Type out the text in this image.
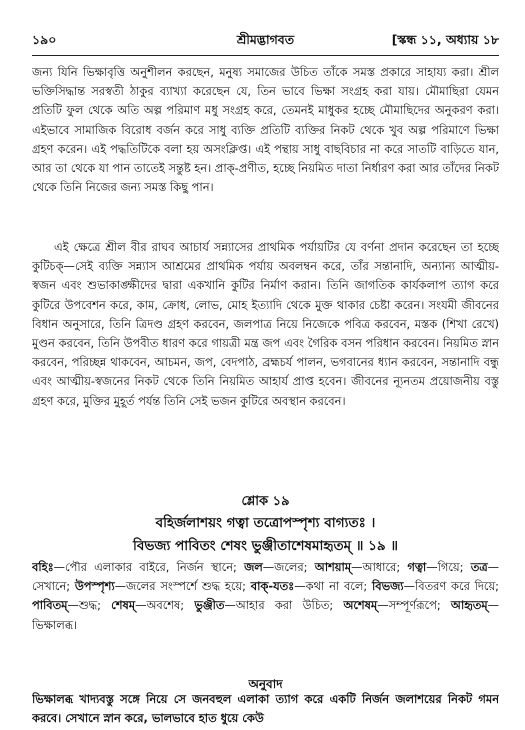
১৯০	শ্রীমদ্ভাগবত	[স্কন্ধ ১১, অধ্যায় ১৮

জন্য যিনি ভিক্ষাবৃত্তি অনুশীলন করছেন, মনুষ্য সমাজের উচিত তাঁকে সমস্ত প্রকারে সাহায্য করা। শ্রীল ভক্তিসিদ্ধান্ত সরস্বতী ঠাকুর ব্যাখ্যা করেছেন যে, তিন ভাবে ভিক্ষা সংগ্রহ করা যায়। মৌমাছিরা যেমন প্রতিটি ফুল থেকে অতি অল্প পরিমাণ মধু সংগ্রহ করে, তেমনই মাধুকর হচ্ছে মৌমাছিদের অনুকরণ করা। এইভাবে সামাজিক বিরোধ বর্জন করে সাধু ব্যক্তি প্রতিটি ব্যক্তির নিকট থেকে খুব অল্প পরিমাণে ভিক্ষা গ্রহণ করেন। এই পদ্ধতিটিকে বলা হয় অসংক্লিপ্ত। এই পন্থায় সাধু বাছবিচার না করে সাতটি বাড়িতে যান, আর তা থেকে যা পান তাতেই সন্তুষ্ট হন। প্রাক্-প্রণীত, হচ্ছে নিয়মিত দাতা নির্ধারণ করা আর তাঁদের নিকট থেকে তিনি নিজের জন্য সমস্ত কিছু পান।

এই ক্ষেত্রে শ্রীল বীর রাঘব আচার্য সন্ন্যাসের প্রাথমিক পর্যায়টির যে বর্ণনা প্রদান করেছেন তা হচ্ছে কুটিচক্—সেই ব্যক্তি সন্ন্যাস আশ্রমের প্রাথমিক পর্যায় অবলম্বন করে, তাঁর সন্তানাদি, অন্যান্য আত্মীয়-স্বজন এবং শুভাকাঙ্ক্ষীদের দ্বারা একখানি কুটির নির্মাণ করান। তিনি জাগতিক কার্যকলাপ ত্যাগ করে কুটিরে উপবেশন করে, কাম, ক্রোধ, লোভ, মোহ ইত্যাদি থেকে মুক্ত থাকার চেষ্টা করেন। সংযমী জীবনের বিধান অনুসারে, তিনি ত্রিদণ্ড গ্রহণ করবেন, জলপাত্র নিয়ে নিজেকে পবিত্র করবেন, মস্তক (শিখা রেখে) মুণ্ডন করবেন, তিনি উপবীত ধারণ করে গায়ত্রী মন্ত্র জপ এবং গৈরিক বসন পরিধান করবেন। নিয়মিত স্নান করবেন, পরিচ্ছন্ন থাকবেন, আচমন, জপ, বেদপাঠ, ব্রহ্মচর্য পালন, ভগবানের ধ্যান করবেন, সন্তানাদি বন্ধু এবং আত্মীয়-স্বজনের নিকট থেকে তিনি নিয়মিত আহার্য প্রাপ্ত হবেন। জীবনের ন্যূনতম প্রয়োজনীয় বস্তু গ্রহণ করে, মুক্তির মুহূর্ত পর্যন্ত তিনি সেই ভজন কুটিরে অবস্থান করবেন।

শ্লোক ১৯
বহির্জলাশয়ং গত্বা তত্রোপস্পৃশ্য বাগ্যতঃ ।
বিভজ্য পাবিতং শেষং ভুঞ্জীতাশেষমাহৃতম্ ॥ ১৯ ॥

বহিঃ—পৌর এলাকার বাইরে, নির্জন স্থানে; জল—জলের; আশয়াম্—আধারে; গত্বা—গিয়ে; তত্র—সেখানে; উপস্পৃশ্য—জলের সংস্পর্শে শুদ্ধ হয়ে; বাক্-যতঃ—কথা না বলে; বিভজ্য—বিতরণ করে দিয়ে; পাবিতম্—শুদ্ধ; শেষম্—অবশেষ; ভুঞ্জীত—আহার করা উচিত; অশেষম্—সম্পূর্ণরূপে; আহৃতম্—ভিক্ষালব্ধ।

অনুবাদ

ভিক্ষালব্ধ খাদ্যবস্তু সঙ্গে নিয়ে সে জনবহুল এলাকা ত্যাগ করে একটি নির্জন জলাশয়ের নিকট গমন করবে। সেখানে স্নান করে, ভালভাবে হাত ধুয়ে কেউ
